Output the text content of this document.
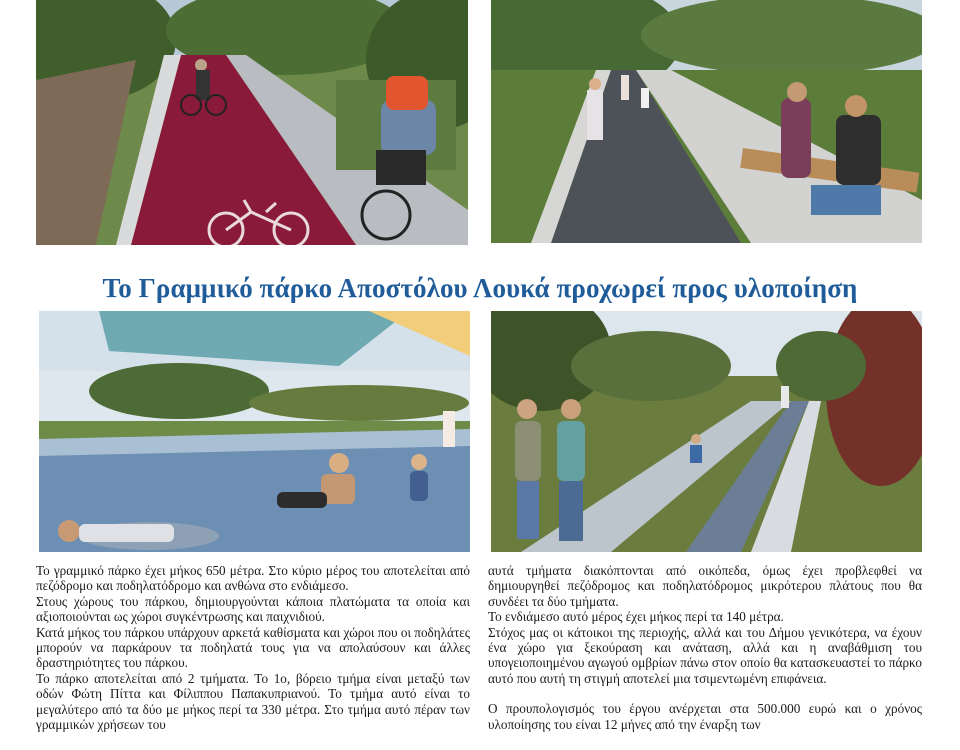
Το Γραμμικό πάρκο Αποστόλου Λουκά προχωρεί προς υλοποίηση

Το γραμμικό πάρκο έχει μήκος 650 μέτρα. Στο κύριο μέρος του αποτελείται από πεζόδρομο και ποδηλατόδρομο και ανθώνα στο ενδιάμεσο.

Στους χώρους του πάρκου, δημιουργούνται κάποια πλατώματα τα οποία και αξιοποιούνται ως χώροι συγκέντρωσης και παιχνιδιού.

Κατά μήκος του πάρκου υπάρχουν αρκετά καθίσματα και χώροι που οι ποδηλάτες μπορούν να παρκάρουν τα ποδηλατά τους για να απολαύσουν και άλλες δραστηριότητες του πάρκου.

Το πάρκο αποτελείται από 2 τμήματα. Το 1ο, βόρειο τμήμα είναι μεταξύ των οδών Φώτη Πίττα και Φίλιππου Παπακυπριανού. Το τμήμα αυτό είναι το μεγαλύτερο από τα δύο με μήκος περί τα 330 μέτρα. Στο τμήμα αυτό πέραν των γραμμικών χρήσεων του

αυτά τμήματα διακόπτονται από οικόπεδα, όμως έχει προβλεφθεί να δημιουργηθεί πεζόδρομος και ποδηλατόδρομος μικρότερου πλάτους που θα συνδέει τα δύο τμήματα.

Το ενδιάμεσο αυτό μέρος έχει μήκος περί τα 140 μέτρα.

Στόχος μας οι κάτοικοι της περιοχής, αλλά και του Δήμου γενικότερα, να έχουν ένα χώρο για ξεκούραση και ανάταση, αλλά και η αναβάθμιση του υπογειοποιημένου αγωγού ομβρίων πάνω στον οποίο θα κατασκευαστεί το πάρκο αυτό που αυτή τη στιγμή αποτελεί μια τσιμεντωμένη επιφάνεια.

Ο προυπολογισμός του έργου ανέρχεται στα 500.000 ευρώ και ο χρόνος υλοποίησης του είναι 12 μήνες από την έναρξη των
